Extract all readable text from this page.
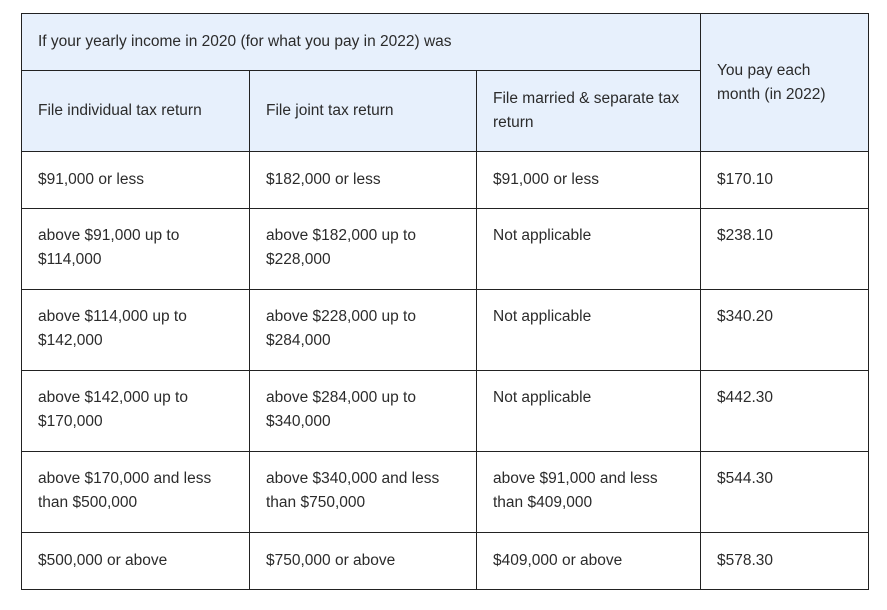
If your yearly income in 2020 (for what you pay in 2022) was			You pay each month (in 2022)
File individual tax return	File joint tax return	File married & separate tax return	
$91,000 or less	$182,000 or less	$91,000 or less	$170.10
above $91,000 up to $114,000	above $182,000 up to $228,000	Not applicable	$238.10
above $114,000 up to $142,000	above $228,000 up to $284,000	Not applicable	$340.20
above $142,000 up to $170,000	above $284,000 up to $340,000	Not applicable	$442.30
above $170,000 and less than $500,000	above $340,000 and less than $750,000	above $91,000 and less than $409,000	$544.30
$500,000 or above	$750,000 or above	$409,000 or above	$578.30
